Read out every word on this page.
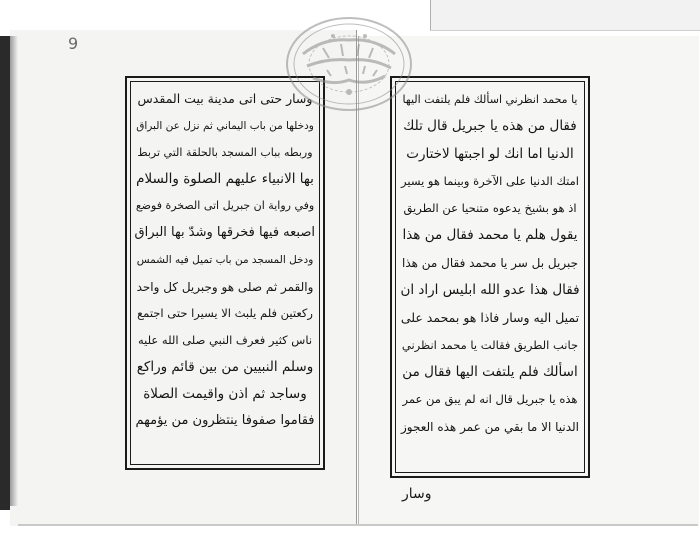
9
وسار حتى اتى مدينة بيت المقدس
ودخلها من باب اليماني ثم نزل عن البراق
وربطه بباب المسجد بالحلقة التي تربط
بها الانبياء عليهم الصلوة والسلام
وفي رواية ان جبريل اتى الصخرة فوضع
اصبعه فيها فخرقها وشدّ بها البراق
ودخل المسجد من باب تميل فيه الشمس
والقمر ثم صلى هو وجبريل كل واحد
ركعتين فلم يلبث الا يسيرا حتى اجتمع
ناس كثير فعرف النبي صلى الله عليه
وسلم النبيين من بين قائم وراكع
وساجد ثم اذن واقيمت الصلاة
فقاموا صفوفا ينتظرون من يؤمهم
يا محمد انظرني اسألك فلم يلتفت اليها
فقال من هذه يا جبريل قال تلك
الدنيا اما انك لو اجبتها لاختارت
امتك الدنيا على الآخرة وبينما هو يسير
اذ هو بشيخ يدعوه متنحيا عن الطريق
يقول هلم يا محمد فقال من هذا
جبريل بل سر يا محمد فقال من هذا
فقال هذا عدو الله ابليس اراد ان
تميل اليه وسار فاذا هو بمحمد على
جانب الطريق فقالت يا محمد انظرني
اسألك فلم يلتفت اليها فقال من
هذه يا جبريل قال انه لم يبق من عمر
الدنيا الا ما بقي من عمر هذه العجوز
وسار
